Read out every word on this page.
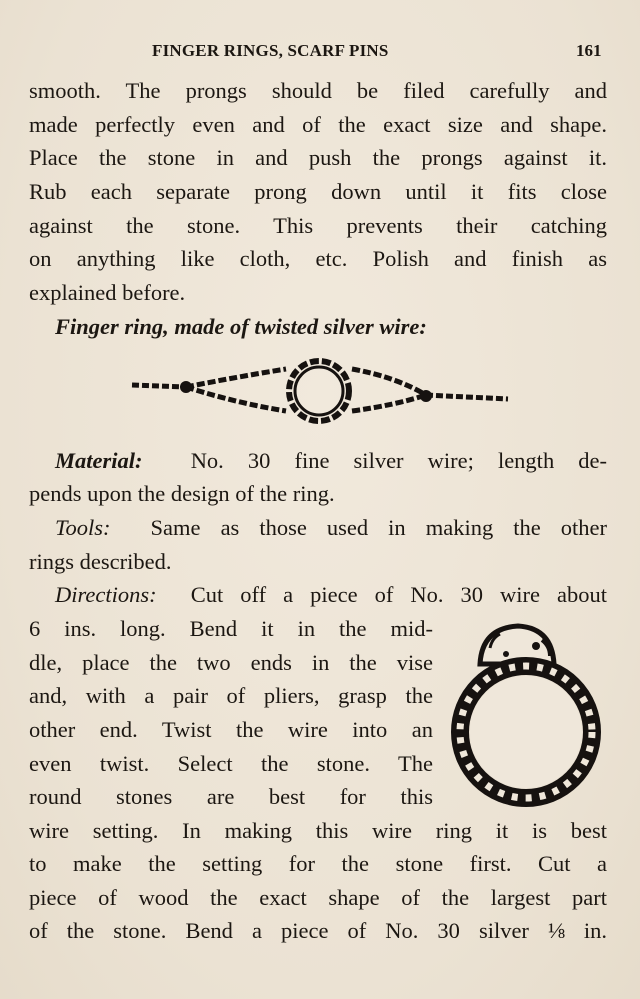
FINGER RINGS, SCARF PINS	161
smooth. The prongs should be filed carefully and
made perfectly even and of the exact size and shape.
Place the stone in and push the prongs against it.
Rub each separate prong down until it fits close
against the stone. This prevents their catching
on anything like cloth, etc. Polish and finish as
explained before.
Finger ring, made of twisted silver wire:
Material: No. 30 fine silver wire; length de-
pends upon the design of the ring.
Tools: Same as those used in making the other
rings described.
Directions: Cut off a piece of No. 30 wire about
6 ins. long. Bend it in the mid-
dle, place the two ends in the vise
and, with a pair of pliers, grasp the
other end. Twist the wire into an
even twist. Select the stone. The
round stones are best for this
wire setting. In making this wire ring it is best
to make the setting for the stone first. Cut a
piece of wood the exact shape of the largest part
of the stone. Bend a piece of No. 30 silver ⅛ in.
